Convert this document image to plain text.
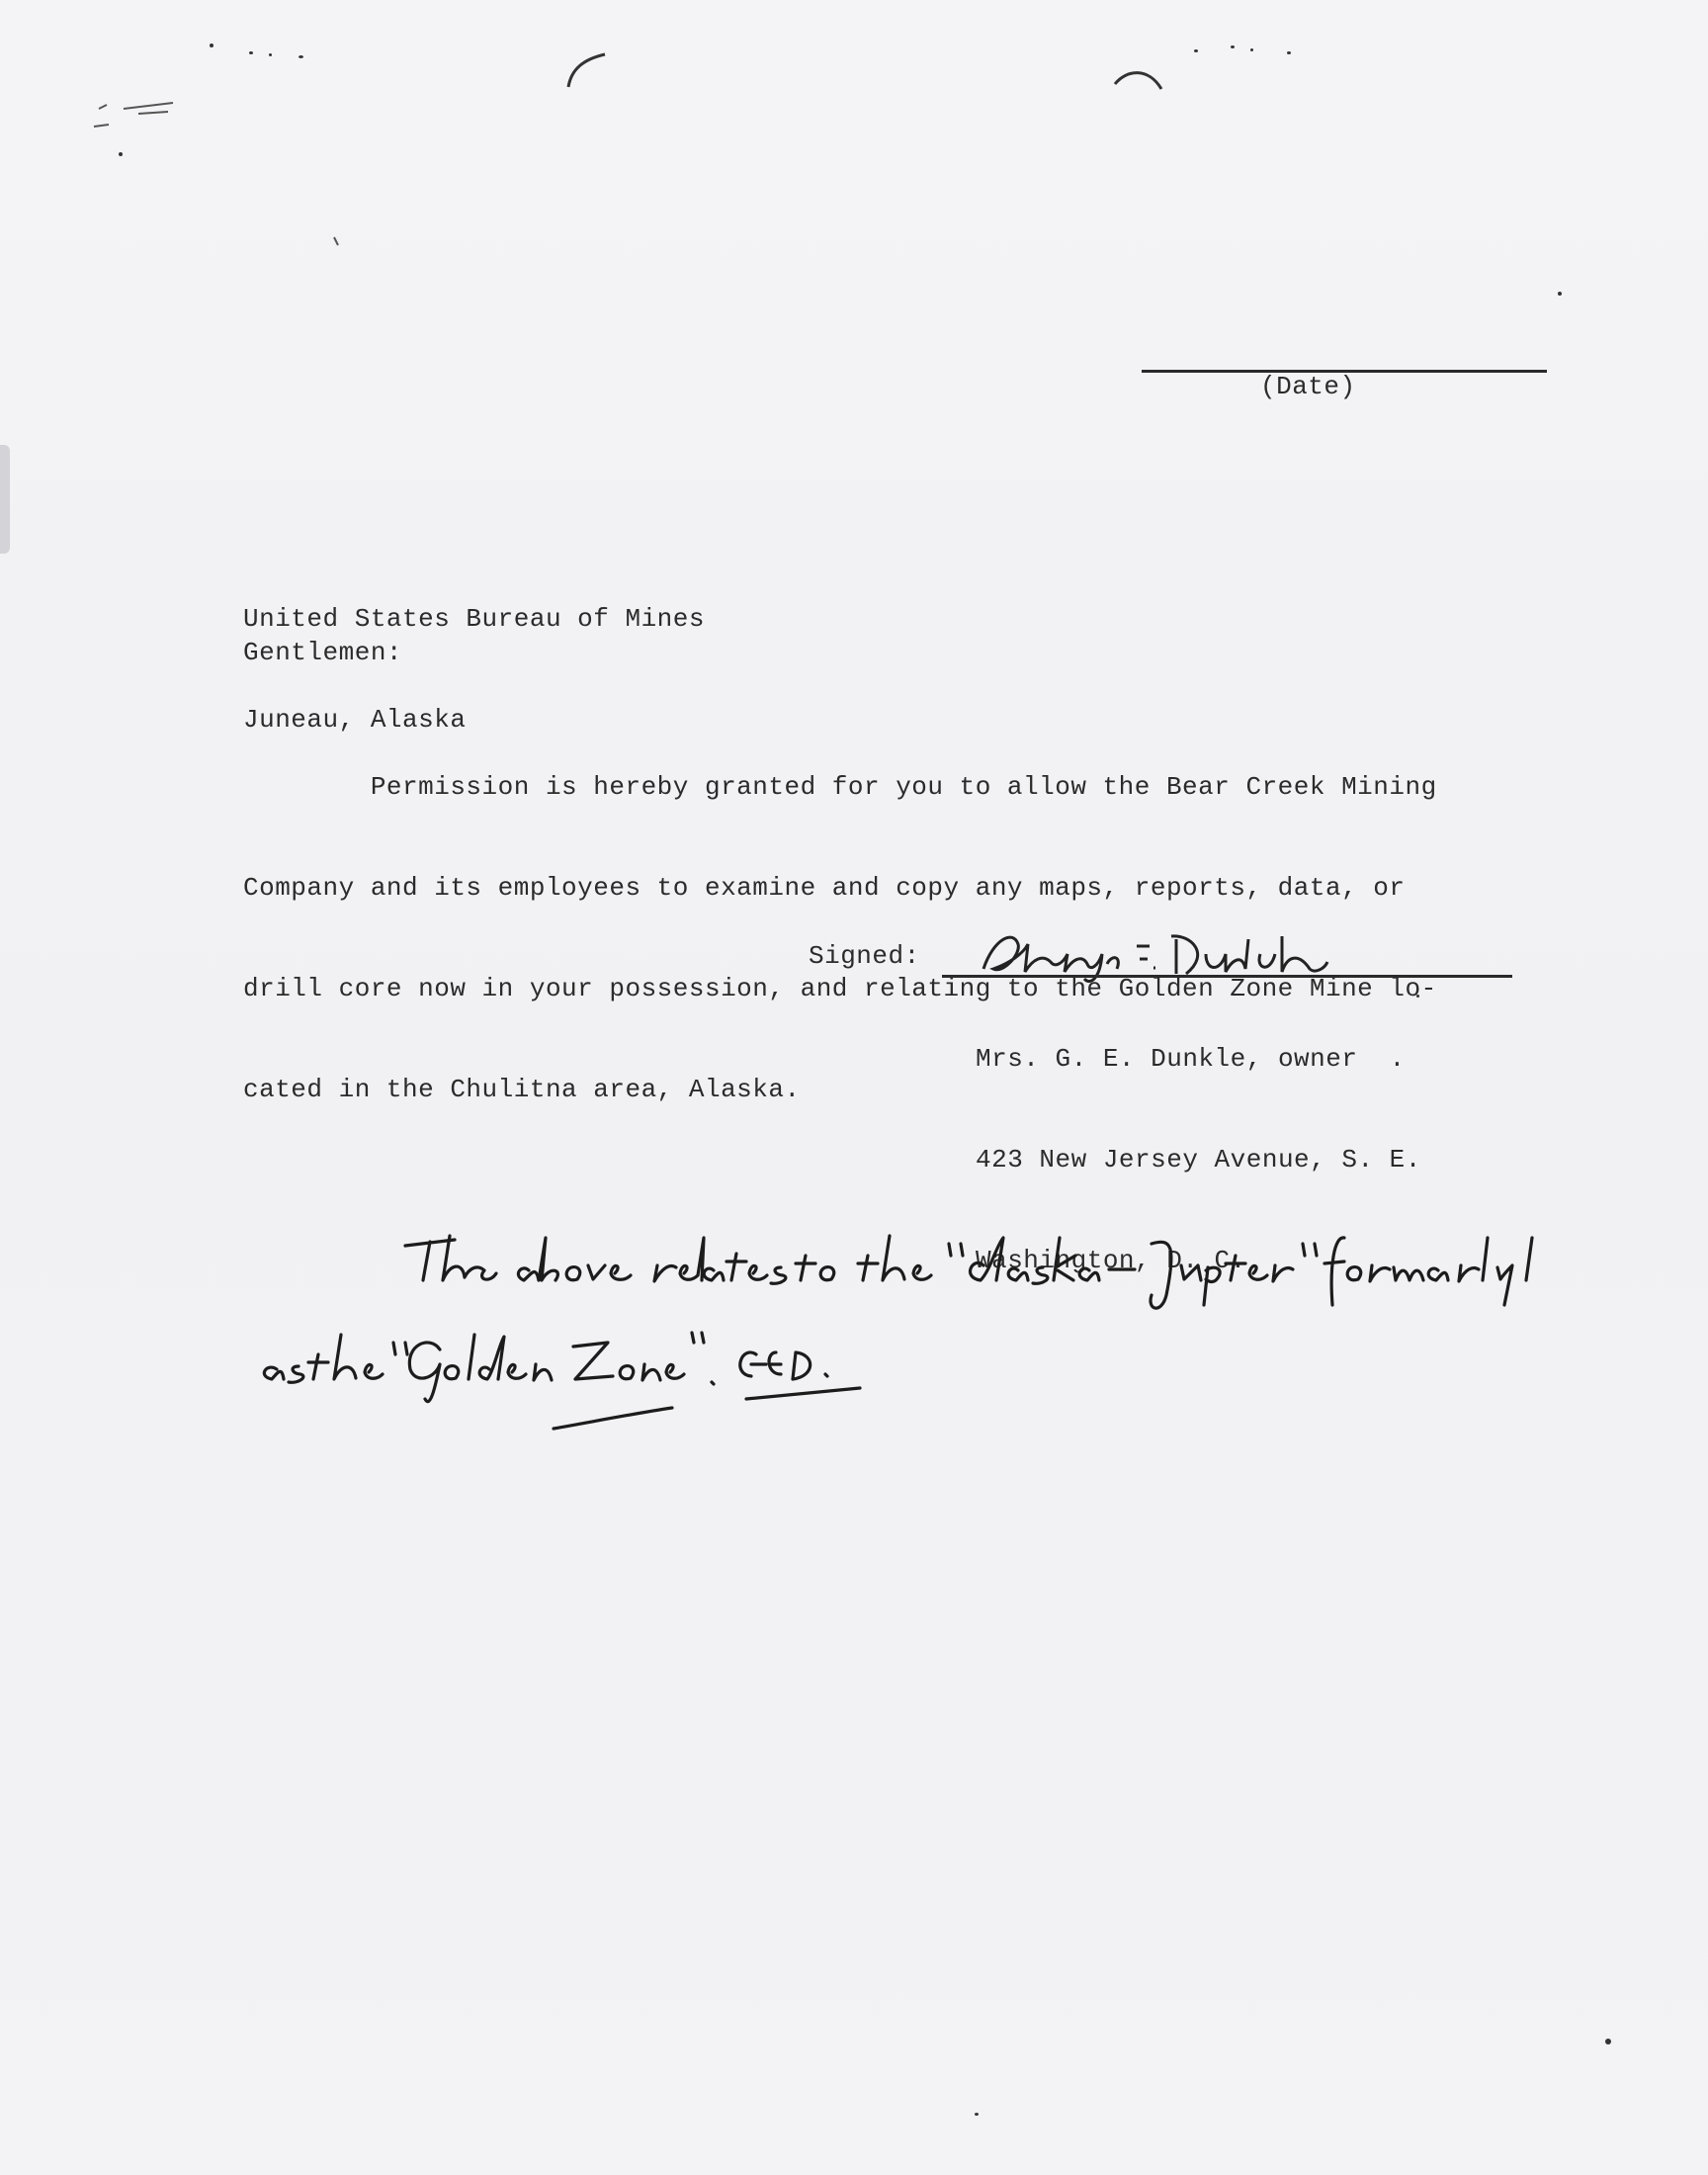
(Date)

United States Bureau of Mines

Juneau, Alaska

Gentlemen:

Permission is hereby granted for you to allow the Bear Creek Mining

Company and its employees to examine and copy any maps, reports, data, or

drill core now in your possession, and relating to the Golden Zone Mine lo-

cated in the Chulitna area, Alaska.

Signed:

Mrs. G. E. Dunkle, owner  .

423 New Jersey Avenue, S. E.

Washington, D. C.
